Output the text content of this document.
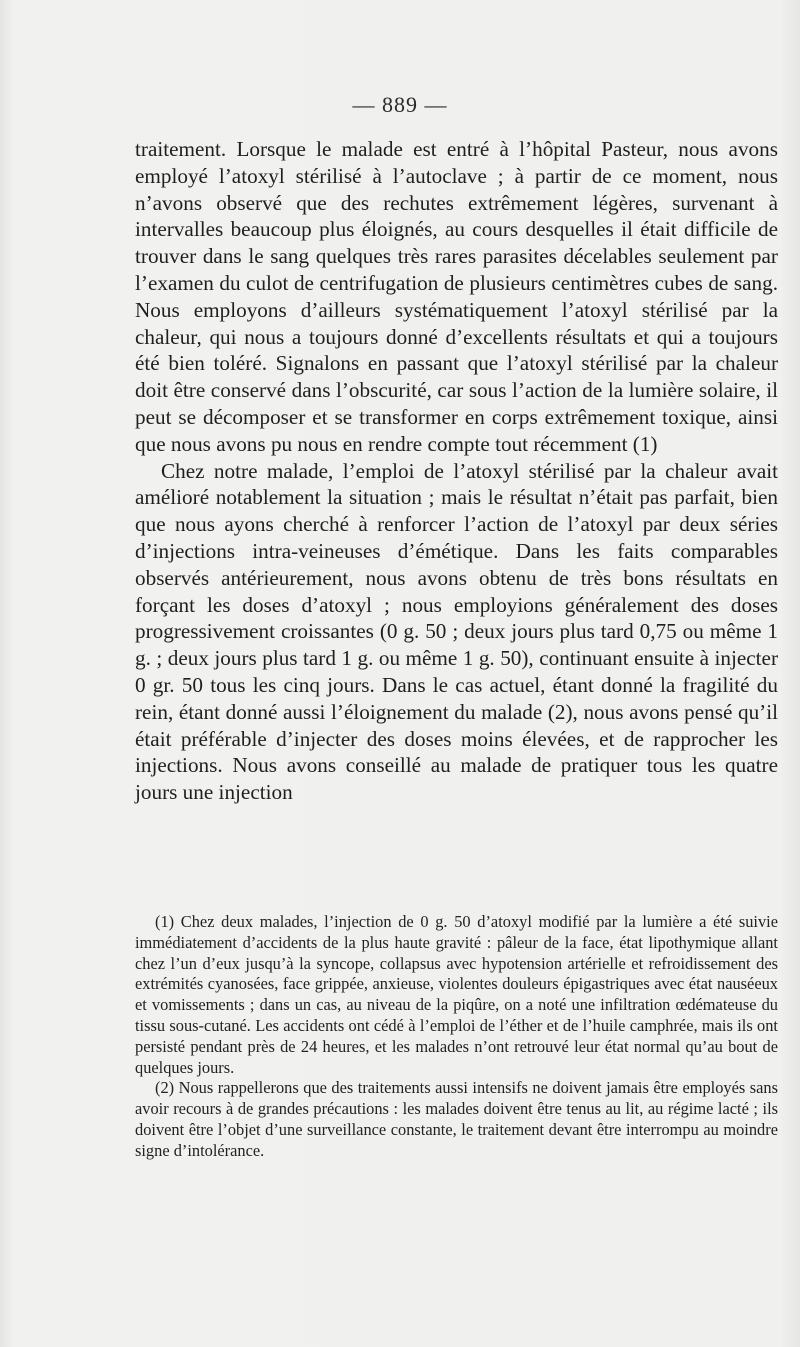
— 889 —

traitement. Lorsque le malade est entré à l’hôpital Pasteur, nous avons employé l’atoxyl stérilisé à l’autoclave ; à partir de ce moment, nous n’avons observé que des rechutes extrêmement légères, survenant à intervalles beaucoup plus éloignés, au cours desquelles il était difficile de trouver dans le sang quelques très rares parasites décelables seulement par l’examen du culot de centrifugation de plusieurs centimètres cubes de sang. Nous employons d’ailleurs systématiquement l’atoxyl stérilisé par la chaleur, qui nous a toujours donné d’excellents résultats et qui a toujours été bien toléré. Signalons en passant que l’atoxyl stérilisé par la chaleur doit être conservé dans l’obscurité, car sous l’action de la lumière solaire, il peut se décomposer et se transformer en corps extrêmement toxique, ainsi que nous avons pu nous en rendre compte tout récemment (1)

Chez notre malade, l’emploi de l’atoxyl stérilisé par la chaleur avait amélioré notablement la situation ; mais le résultat n’était pas parfait, bien que nous ayons cherché à renforcer l’action de l’atoxyl par deux séries d’injections intra-veineuses d’émétique. Dans les faits comparables observés antérieurement, nous avons obtenu de très bons résultats en forçant les doses d’atoxyl ; nous employions généralement des doses progressivement croissantes (0 g. 50 ; deux jours plus tard 0,75 ou même 1 g. ; deux jours plus tard 1 g. ou même 1 g. 50), continuant ensuite à injecter 0 gr. 50 tous les cinq jours. Dans le cas actuel, étant donné la fragilité du rein, étant donné aussi l’éloignement du malade (2), nous avons pensé qu’il était préférable d’injecter des doses moins élevées, et de rapprocher les injections. Nous avons conseillé au malade de pratiquer tous les quatre jours une injection

(1) Chez deux malades, l’injection de 0 g. 50 d’atoxyl modifié par la lumière a été suivie immédiatement d’accidents de la plus haute gravité : pâleur de la face, état lipothymique allant chez l’un d’eux jusqu’à la syncope, collapsus avec hypotension artérielle et refroidissement des extrémités cyanosées, face grippée, anxieuse, violentes douleurs épigastriques avec état nauséeux et vomissements ; dans un cas, au niveau de la piqûre, on a noté une infiltration œdémateuse du tissu sous-cutané. Les accidents ont cédé à l’emploi de l’éther et de l’huile camphrée, mais ils ont persisté pendant près de 24 heures, et les malades n’ont retrouvé leur état normal qu’au bout de quelques jours.

(2) Nous rappellerons que des traitements aussi intensifs ne doivent jamais être employés sans avoir recours à de grandes précautions : les malades doivent être tenus au lit, au régime lacté ; ils doivent être l’objet d’une surveillance constante, le traitement devant être interrompu au moindre signe d’intolérance.
